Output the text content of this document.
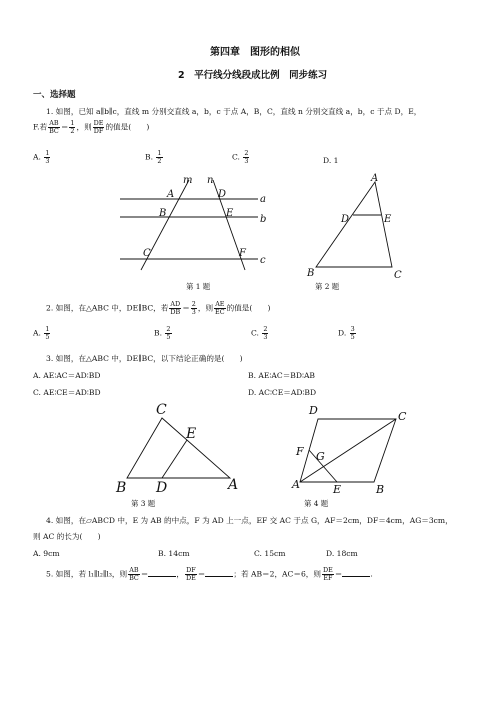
第四章　图形的相似
2　平行线分线段成比例　同步练习
一、选择题
1. 如图，已知 a∥b∥c，直线 m 分别交直线 a，b，c 于点 A，B，C，直线 n 分别交直线 a，b，c 于点 D，E，
F.若 $\frac{AB}{BC} = \frac{1}{2}$ ，则 $\frac{DE}{DF}$ 的值是(　　)
A. $\frac{1}{3}$	B. $\frac{1}{2}$	C. $\frac{2}{3}$	D. 1
m n
a
b
c
A
B
C
D
E
F
第 1 题
A
B	C
D	E
第 2 题
2. 如图，在△ABC 中，DE∥BC，若 $\frac{AD}{DB} = \frac{2}{3}$ ，则 $\frac{AE}{EC}$ 的值是(　　)
A. $\frac{1}{5}$	B. $\frac{2}{5}$	C. $\frac{2}{3}$	D. $\frac{3}{5}$
3. 如图，在△ABC 中，DE∥BC，以下结论正确的是(　　)
A. AE∶AC＝AD∶BD	B. AE∶AC＝BD∶AB
C. AE∶CE＝AD∶BD	D. AC∶CE＝AD∶BD
C
E
B D	A
第 3 题
D	C
F G
A	E	B
第 4 题
4. 如图，在▱ABCD 中，E 为 AB 的中点，F 为 AD 上一点，EF 交 AC 于点 G，AF＝2cm，DF＝4cm，AG＝3cm，
则 AC 的长为(　　)
A. 9cm	B. 14cm	C. 15cm	D. 18cm
5. 如图，若 l₁∥l₂∥l₃，则 $\frac{AB}{BC}$ ＝	， $\frac{DF}{DE}$ ＝	；若 AB＝2，AC＝6，则 $\frac{DE}{EF}$ ＝	.
